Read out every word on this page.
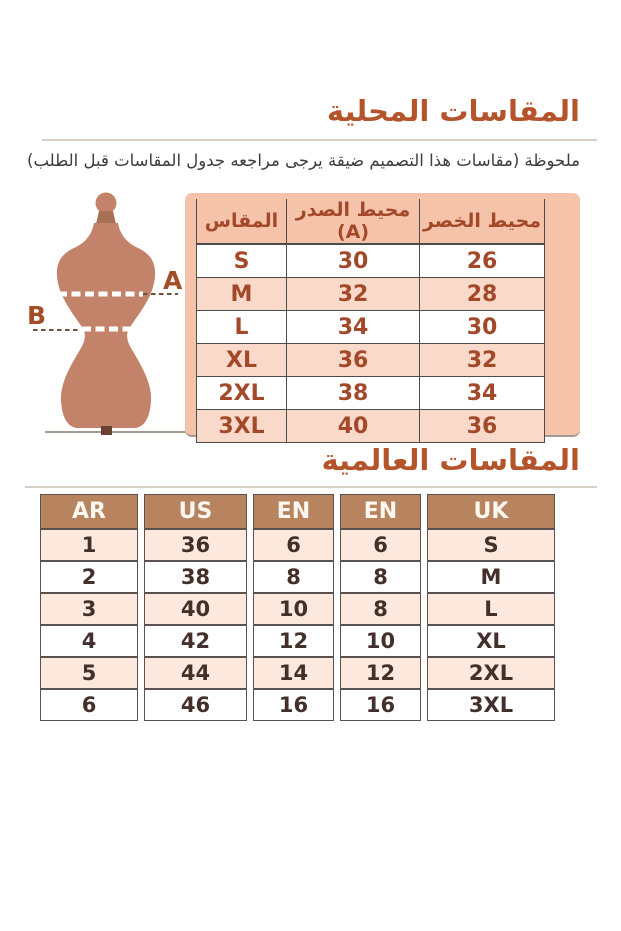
المقاسات المحلية
ملحوظة (مقاسات هذا التصميم ضيقة يرجى مراجعه جدول المقاسات قبل الطلب)
A
B
المقاس	محيط الصدر (A)	محيط الخصر
S	30	26
M	32	28
L	34	30
XL	36	32
2XL	38	34
3XL	40	36
المقاسات العالمية
AR	US	EN	EN	UK
1	36	6	6	S
2	38	8	8	M
3	40	10	8	L
4	42	12	10	XL
5	44	14	12	2XL
6	46	16	16	3XL
